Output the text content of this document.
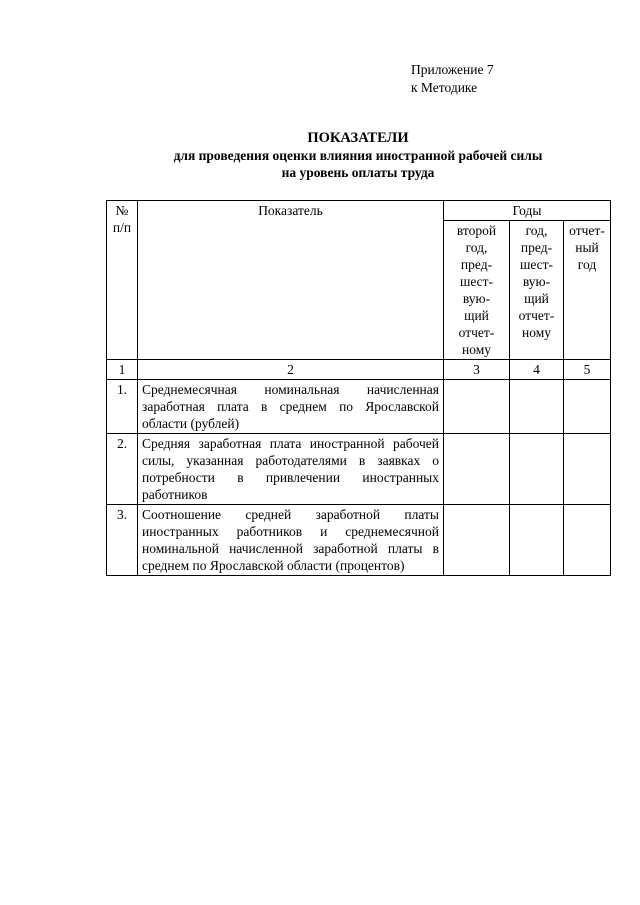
Приложение 7
к Методике
ПОКАЗАТЕЛИ
для проведения оценки влияния иностранной рабочей силы
на уровень оплаты труда
№ п/п	Показатель	Годы		

		второй год, пред-шест-вую-щий отчет-ному	год, пред-шест-вую-щий отчет-ному	отчет-ный год

1	2	3	4	5
1.	Среднемесячная номинальная начисленная заработная плата в среднем по Ярославской области (рублей)			
2.	Средняя заработная плата иностранной рабочей силы, указанная работодателями в заявках о потребности в привлечении иностранных работников			
3.	Соотношение средней заработной платы иностранных работников и среднемесячной номинальной начисленной заработной платы в среднем по Ярославской области (процентов)			
